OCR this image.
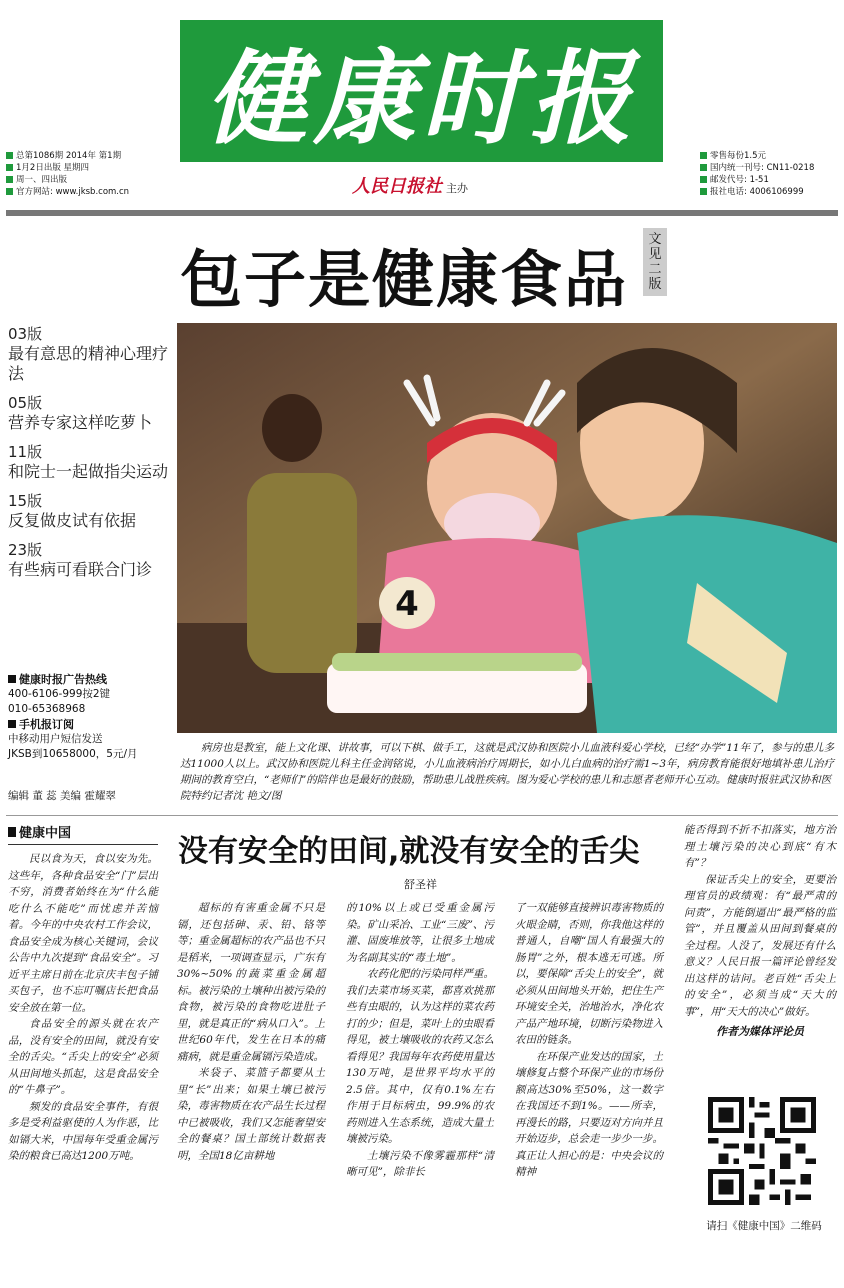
健康时报
总第1086期 2014年 第1期
1月2日出版 星期四
周一、四出版
官方网站: www.jksb.com.cn
零售每份1.5元
国内统一刊号: CN11-0218
邮发代号: 1-51
报社电话: 4006106999
人民日报社 主办
包子是健康食品
文见二版
03版
最有意思的精神心理疗法
05版
营养专家这样吃萝卜
11版
和院士一起做指尖运动
15版
反复做皮试有依据
23版
有些病可看联合门诊
健康时报广告热线
400-6106-999按2键
010-65368968
手机报订阅
中移动用户短信发送
JKSB到10658000，5元/月
编辑 董 蕊 美编 霍耀翠
4
病房也是教室，能上文化课、讲故事，可以下棋、做手工，这就是武汉协和医院小儿血液科爱心学校，已经“办学”11年了，参与的患儿多达11000人以上。武汉协和医院儿科主任金润铭说，小儿血液病治疗周期长，如小儿白血病的治疗需1~3年，病房教育能很好地填补患儿治疗期间的教育空白，“老师们”的陪伴也是最好的鼓励，帮助患儿战胜疾病。图为爱心学校的患儿和志愿者老师开心互动。健康时报驻武汉协和医院特约记者沈 艳文/图
健康中国

民以食为天，食以安为先。这些年，各种食品安全“门”层出不穷，消费者始终在为“什么能吃什么不能吃”而忧虑并苦恼着。今年的中央农村工作会议，食品安全成为核心关键词，会议公告中九次提到“食品安全”。习近平主席日前在北京庆丰包子铺买包子，也不忘叮嘱店长把食品安全放在第一位。

食品安全的源头就在农产品，没有安全的田间，就没有安全的舌尖。“舌尖上的安全”必须从田间地头抓起，这是食品安全的“牛鼻子”。

频发的食品安全事件，有很多是受利益驱使的人为作恶，比如镉大米，中国每年受重金属污染的粮食已高达1200万吨。

没有安全的田间,就没有安全的舌尖
舒圣祥

超标的有害重金属不只是镉，还包括砷、汞、铅、铬等等；重金属超标的农产品也不只是稻米，一项调查显示，广东有30%~50%的蔬菜重金属超标。被污染的土壤种出被污染的食物，被污染的食物吃进肚子里，就是真正的“病从口入”。上世纪60年代，发生在日本的痛痛病，就是重金属镉污染造成。

米袋子、菜篮子都要从土里“长”出来；如果土壤已被污染，毒害物质在农产品生长过程中已被吸收，我们又怎能奢望安全的餐桌？国土部统计数据表明，全国18亿亩耕地

的10%以上或已受重金属污染。矿山采冶、工业“三废”、污灌、固废堆放等，让很多土地成为名副其实的“毒土地”。

农药化肥的污染同样严重。我们去菜市场买菜，都喜欢挑那些有虫眼的，认为这样的菜农药打的少；但是，菜叶上的虫眼看得见，被土壤吸收的农药又怎么看得见？我国每年农药使用量达130万吨，是世界平均水平的2.5倍。其中，仅有0.1%左右作用于目标病虫，99.9%的农药则进入生态系统，造成大量土壤被污染。

土壤污染不像雾霾那样“清晰可见”，除非长

了一双能够直接辨识毒害物质的火眼金睛，否则，你我他这样的普通人，自嘲“国人有最强大的肠胃”之外，根本逃无可逃。所以，要保障“舌尖上的安全”，就必须从田间地头开始，把住生产环境安全关，治地治水，净化农产品产地环境，切断污染物进入农田的链条。

在环保产业发达的国家，土壤修复占整个环保产业的市场份额高达30%至50%，这一数字在我国还不到1%。——所幸，再漫长的路，只要迈对方向并且开始迈步，总会走一步少一步。真正让人担心的是：中央会议的精神

能否得到不折不扣落实，地方治理土壤污染的决心到底“有木有”？

保证舌尖上的安全，更要治理官员的政绩观：有“最严肃的问责”，方能倒逼出“最严格的监管”，并且覆盖从田间到餐桌的全过程。人没了，发展还有什么意义？人民日报一篇评论曾经发出这样的诘问。老百姓“舌尖上的安全”，必须当成“天大的事”，用“天大的决心”做好。

作者为媒体评论员
请扫《健康中国》二维码
